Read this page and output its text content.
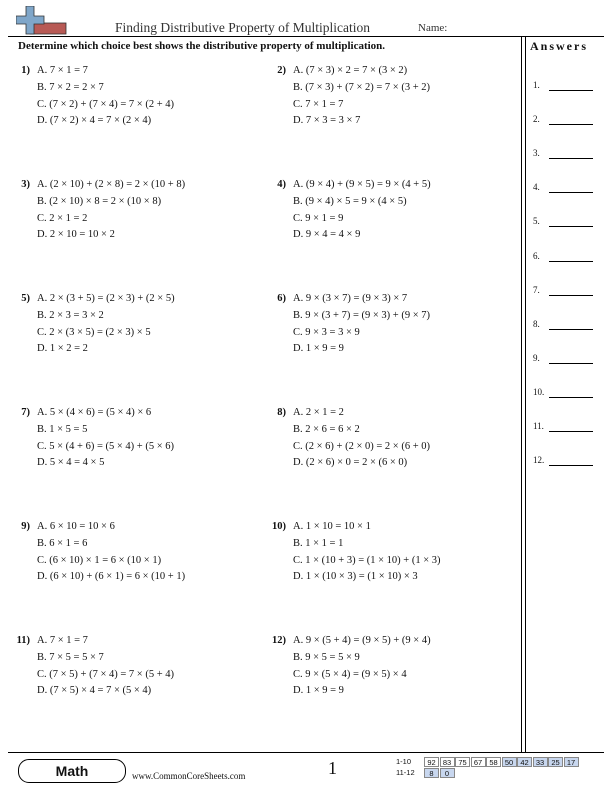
Finding Distributive Property of Multiplication	Name:
Determine which choice best shows the distributive property of multiplication.	Answers
1) A. 7 × 1 = 7
B. 7 × 2 = 2 × 7
C. (7 × 2) + (7 × 4) = 7 × (2 + 4)
D. (7 × 2) × 4 = 7 × (2 × 4)
2) A. (7 × 3) × 2 = 7 × (3 × 2)
B. (7 × 3) + (7 × 2) = 7 × (3 + 2)
C. 7 × 1 = 7
D. 7 × 3 = 3 × 7
3) A. (2 × 10) + (2 × 8) = 2 × (10 + 8)
B. (2 × 10) × 8 = 2 × (10 × 8)
C. 2 × 1 = 2
D. 2 × 10 = 10 × 2
4) A. (9 × 4) + (9 × 5) = 9 × (4 + 5)
B. (9 × 4) × 5 = 9 × (4 × 5)
C. 9 × 1 = 9
D. 9 × 4 = 4 × 9
5) A. 2 × (3 + 5) = (2 × 3) + (2 × 5)
B. 2 × 3 = 3 × 2
C. 2 × (3 × 5) = (2 × 3) × 5
D. 1 × 2 = 2
6) A. 9 × (3 × 7) = (9 × 3) × 7
B. 9 × (3 + 7) = (9 × 3) + (9 × 7)
C. 9 × 3 = 3 × 9
D. 1 × 9 = 9
7) A. 5 × (4 × 6) = (5 × 4) × 6
B. 1 × 5 = 5
C. 5 × (4 + 6) = (5 × 4) + (5 × 6)
D. 5 × 4 = 4 × 5
8) A. 2 × 1 = 2
B. 2 × 6 = 6 × 2
C. (2 × 6) + (2 × 0) = 2 × (6 + 0)
D. (2 × 6) × 0 = 2 × (6 × 0)
9) A. 6 × 10 = 10 × 6
B. 6 × 1 = 6
C. (6 × 10) × 1 = 6 × (10 × 1)
D. (6 × 10) + (6 × 1) = 6 × (10 + 1)
10) A. 1 × 10 = 10 × 1
B. 1 × 1 = 1
C. 1 × (10 + 3) = (1 × 10) + (1 × 3)
D. 1 × (10 × 3) = (1 × 10) × 3
11) A. 7 × 1 = 7
B. 7 × 5 = 5 × 7
C. (7 × 5) + (7 × 4) = 7 × (5 + 4)
D. (7 × 5) × 4 = 7 × (5 × 4)
12) A. 9 × (5 + 4) = (9 × 5) + (9 × 4)
B. 9 × 5 = 5 × 9
C. 9 × (5 × 4) = (9 × 5) × 4
D. 1 × 9 = 9
1.
2.
3.
4.
5.
6.
7.
8.
9.
10.
11.
12.
Math	www.CommonCoreSheets.com	1	1-10	92 83 75 67 58 50 42 33 25 17
11-12	8	0
